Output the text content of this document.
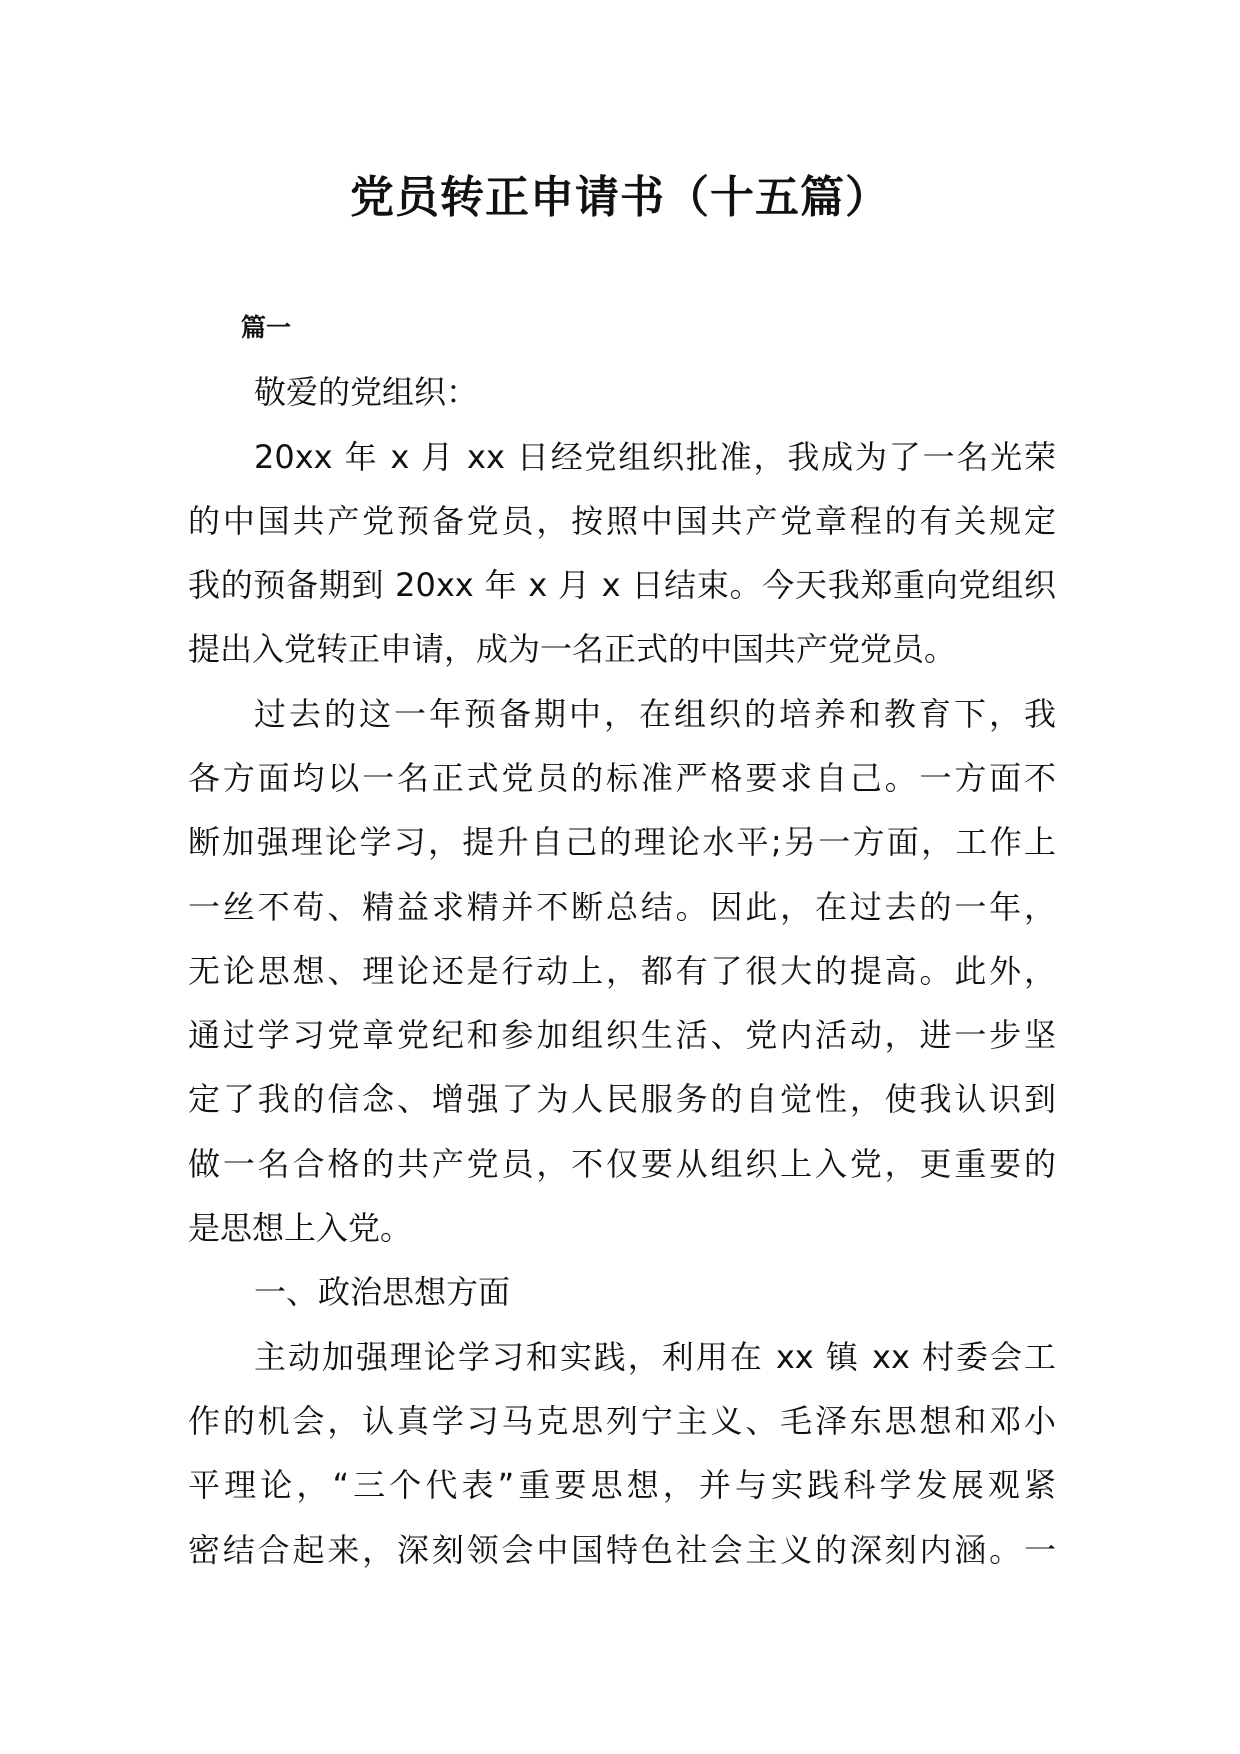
党员转正申请书（十五篇）
篇一
敬爱的党组织：
20xx 年 x 月 xx 日经党组织批准，我成为了一名光荣
的中国共产党预备党员，按照中国共产党章程的有关规定
我的预备期到 20xx 年 x 月 x 日结束。今天我郑重向党组织
提出入党转正申请，成为一名正式的中国共产党党员。
过去的这一年预备期中，在组织的培养和教育下，我
各方面均以一名正式党员的标准严格要求自己。一方面不
断加强理论学习，提升自己的理论水平;另一方面，工作上
一丝不苟、精益求精并不断总结。因此，在过去的一年，
无论思想、理论还是行动上，都有了很大的提高。此外，
通过学习党章党纪和参加组织生活、党内活动，进一步坚
定了我的信念、增强了为人民服务的自觉性，使我认识到
做一名合格的共产党员，不仅要从组织上入党，更重要的
是思想上入党。
一、政治思想方面
主动加强理论学习和实践，利用在 xx 镇 xx 村委会工
作的机会，认真学习马克思列宁主义、毛泽东思想和邓小
平理论，“三个代表”重要思想，并与实践科学发展观紧
密结合起来，深刻领会中国特色社会主义的深刻内涵。一
